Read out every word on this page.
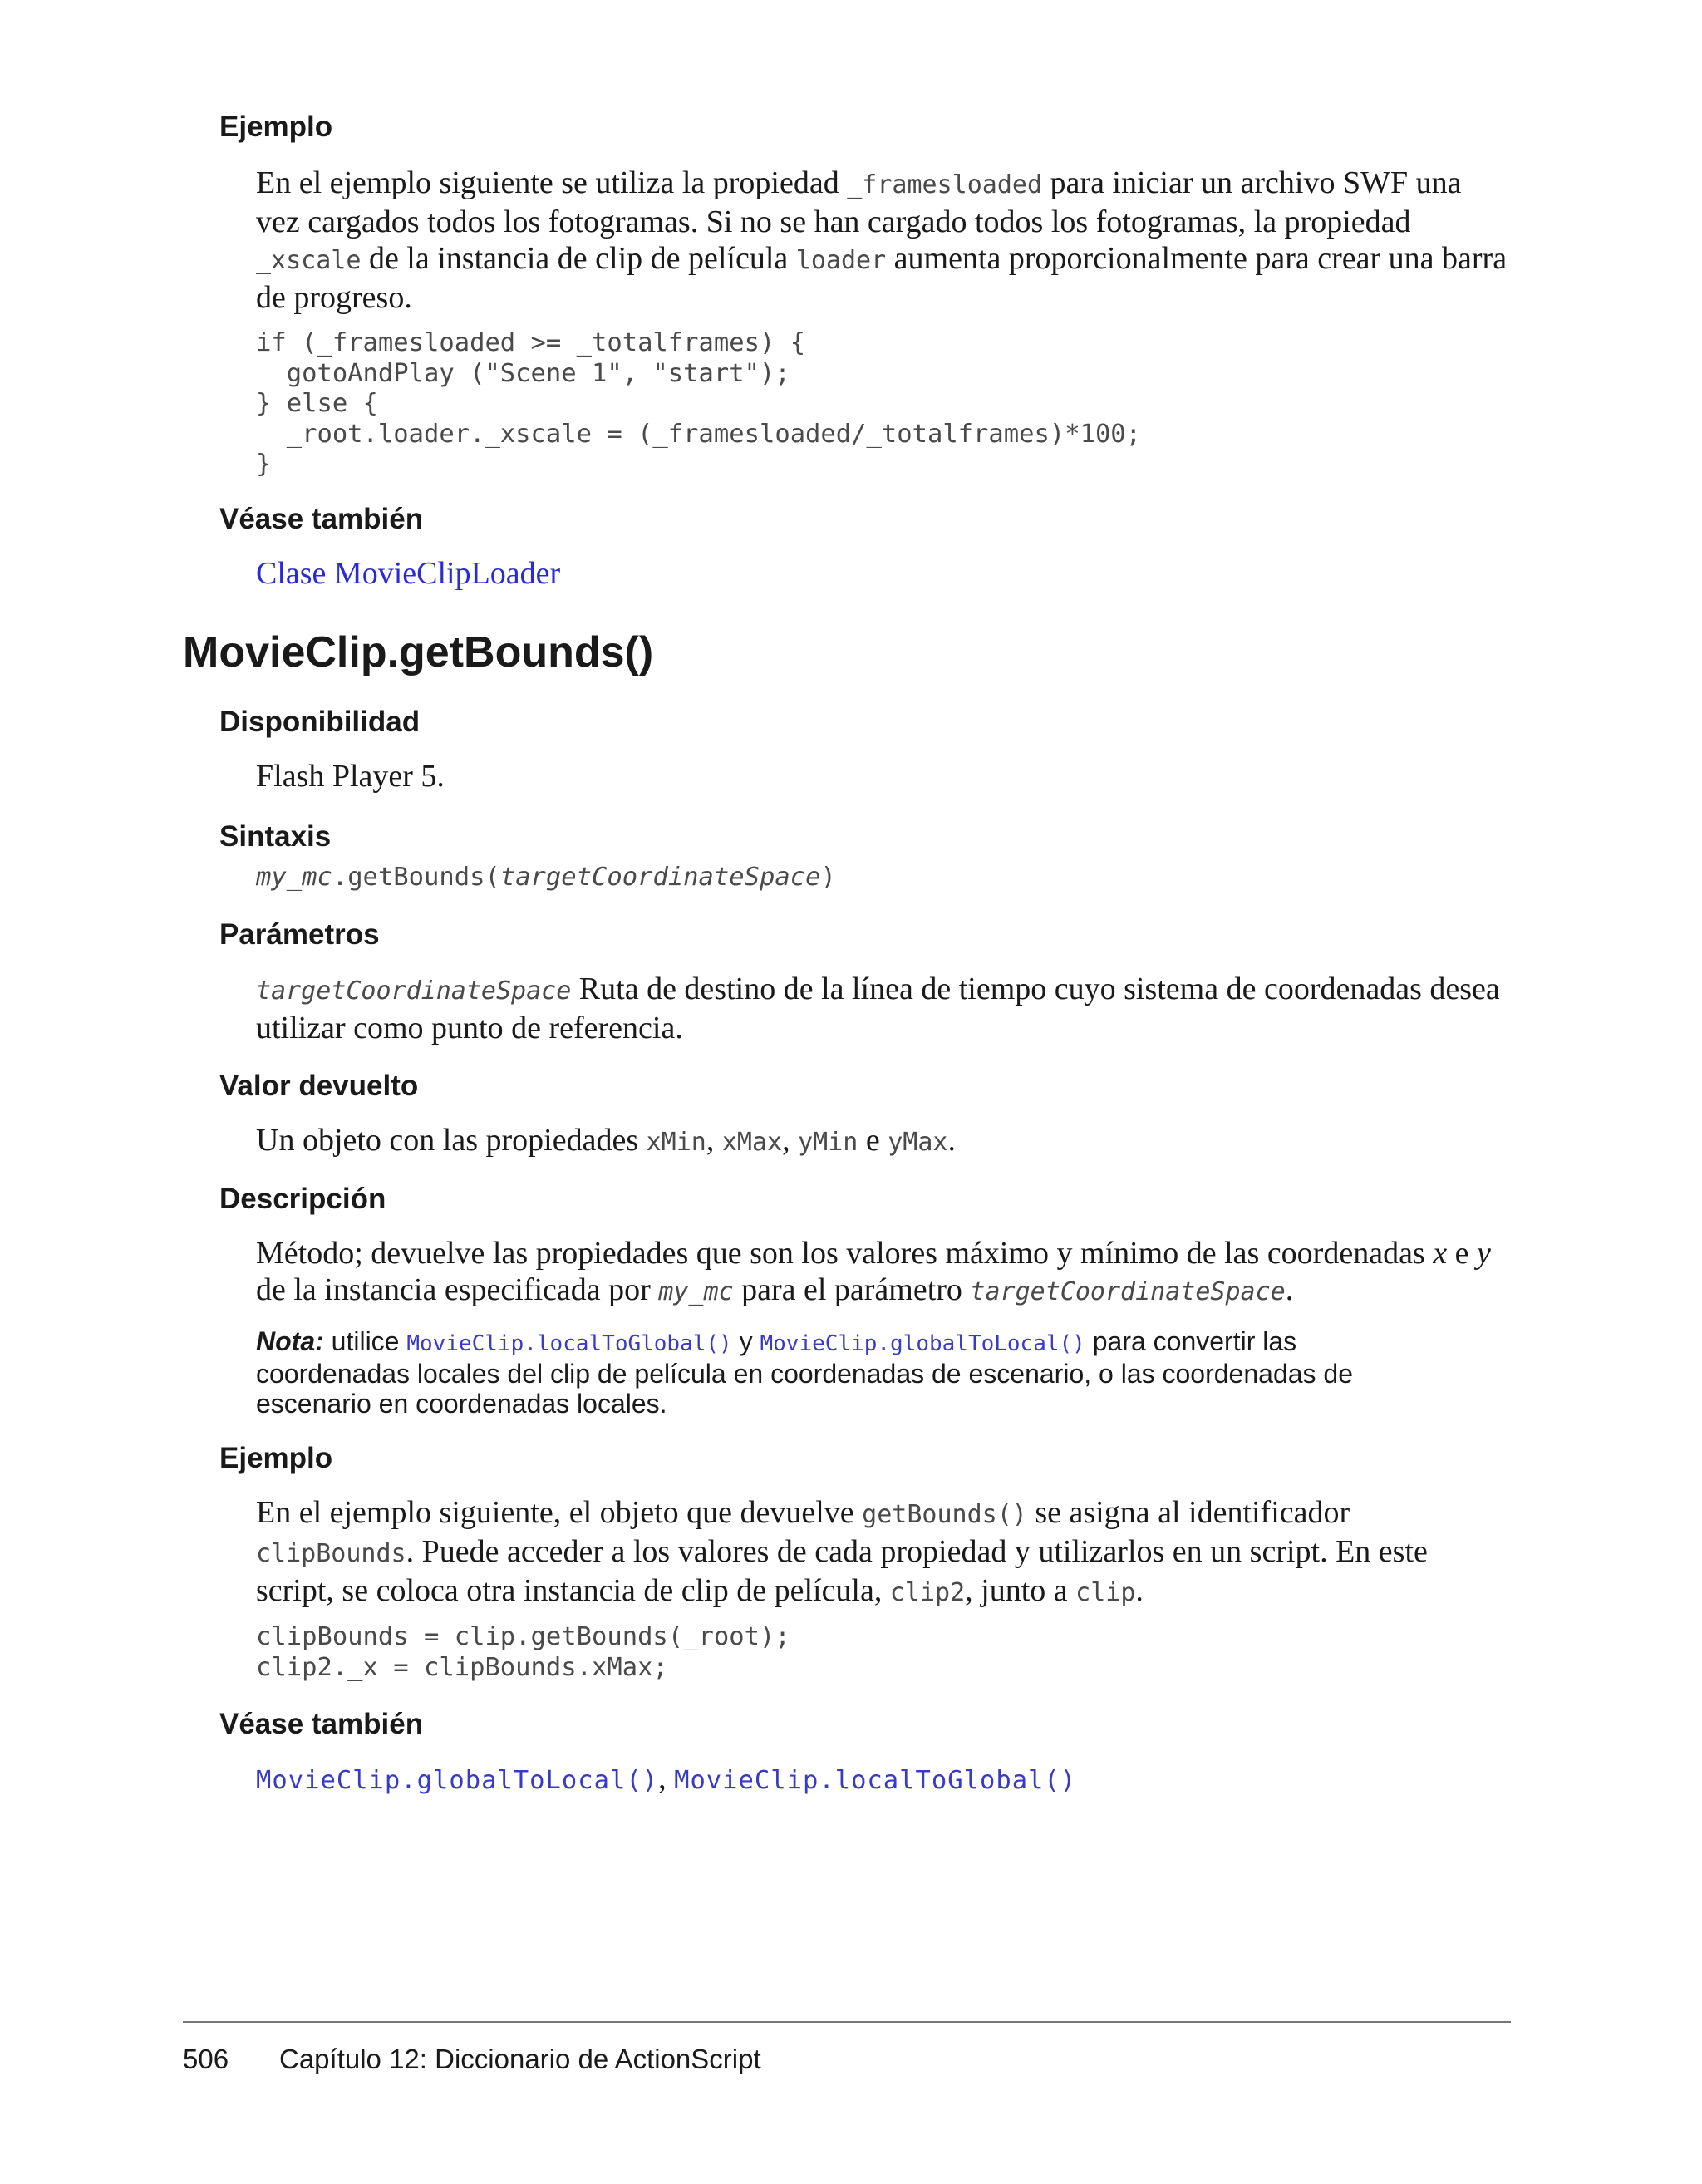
Ejemplo

En el ejemplo siguiente se utiliza la propiedad _framesloaded para iniciar un archivo SWF una vez cargados todos los fotogramas. Si no se han cargado todos los fotogramas, la propiedad _xscale de la instancia de clip de película loader aumenta proporcionalmente para crear una barra de progreso.

if (_framesloaded >= _totalframes) {
gotoAndPlay ("Scene 1", "start");
} else {
_root.loader._xscale = (_framesloaded/_totalframes)*100;
}
Véase también

Clase MovieClipLoader

MovieClip.getBounds()
Disponibilidad

Flash Player 5.

Sintaxis

my_mc.getBounds(targetCoordinateSpace)

Parámetros

targetCoordinateSpace Ruta de destino de la línea de tiempo cuyo sistema de coordenadas desea utilizar como punto de referencia.

Valor devuelto

Un objeto con las propiedades xMin, xMax, yMin e yMax.

Descripción

Método; devuelve las propiedades que son los valores máximo y mínimo de las coordenadas x e y de la instancia especificada por my_mc para el parámetro targetCoordinateSpace.

Nota: utilice MovieClip.localToGlobal() y MovieClip.globalToLocal() para convertir las coordenadas locales del clip de película en coordenadas de escenario, o las coordenadas de escenario en coordenadas locales.

Ejemplo

En el ejemplo siguiente, el objeto que devuelve getBounds() se asigna al identificador clipBounds. Puede acceder a los valores de cada propiedad y utilizarlos en un script. En este script, se coloca otra instancia de clip de película, clip2, junto a clip.

clipBounds = clip.getBounds(_root);
clip2._x = clipBounds.xMax;
Véase también

MovieClip.globalToLocal(), MovieClip.localToGlobal()

506 Capítulo 12: Diccionario de ActionScript
